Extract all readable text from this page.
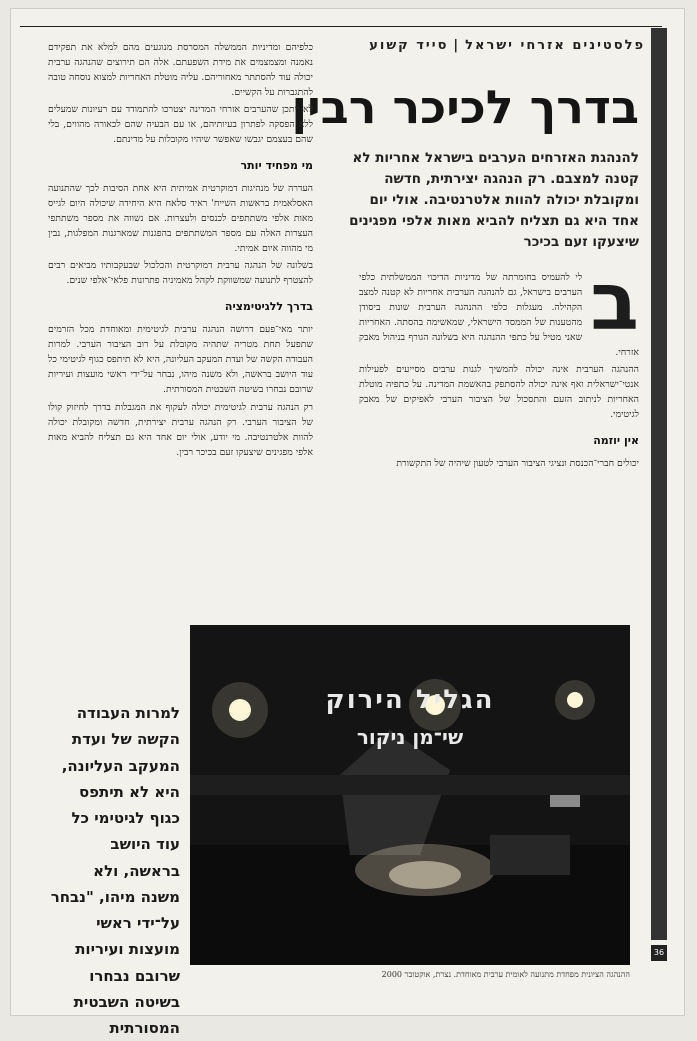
פלסטינים אזרחי ישראל|סייד קשוע
בדרך לכיכר רבין
להנהגת האזרחים הערבים בישראל אחריות לא קטנה למצבם. רק הנהגה יצירתית, חדשה ומקובלת יכולה להוות אלטרנטיבה. אולי יום אחד היא גם תצליח להביא מאות אלפי מפגינים שיצעקו זעם בכיכר
ב

לי להעמיס בחומרתה של מדיניות הדיכוי הממשלתית כלפי הערבים בישראל, גם להנהגה הערבית אחריות לא קטנה למצב הקהילה. מעגלות כלפי ההנהגה הערבית שונות ביסודן מהטענות של הממסד הישראלי, שמאשימה בהסתה. האחריות שאני מטיל על כתפי ההנהגה היא בשלונה הגורף בניהול מאבק אזרחי.

ההנהגה הערבית אינה יכולה להמשיך לגנות ערבים מסייעים לפעילות אנטי־ישראלית ואף אינה יכולה להסתפק בהאשמת המדינה. על כתפיה מוטלת האחריות לניתוב הזעם והתסכול של הציבור הערבי לאפיקים של מאבק לגיטימי.

אין יוזמה

יכולים חברי־הכנסת ונציגי הציבור הערבי לטעון שיהיה של התקשורת

כלפיהם ומדיניות הממשלה המסרסת מנוגעים מהם למלא את תפקידם נאמנה ומצמצמים את מידת השפעתם. אלה הם תירוצים שהנהגה ערבית יכולה עוד להסתתר מאחוריהם. עליה מוטלת האחריות למצוא נוסחה טובה להתגברות על הקשיים.

לא ייתכן שהערבים אזרחי המדינה יצטרכו להתמודד עם רעיונות שמעלים ללא הפסקה לפתרון בעיותיהם, או עם הבעיה שהם לכאורה מהווים, בלי שהם בעצמם יגבשו שאפשר שיהיו מקובלות על מדינתם.

מי מפחיד יותר

העדרה של מנהיגות דמוקרטית אמיתית היא אחת הסיבות לכך שהתנועה האסלאמית בראשות השייח' ראיד סלאח היא היחידה שיכולה היום לגייס מאות אלפי משתתפים לכנסים ולעצרות. אם נשווה את מספר משתתפי העצרות האלה עם מספר המשתתפים בהפגנות שמארגנות המפלגות, נבין מי מהווה איום אמיתי.

בשלונה של הנהגה ערבית דמוקרטית והכלכול שבעקבותיו מביאים רבים להצטרף לתנועה שמשווקת לקהל מאמיניה פתרונות פלאי־אלפי שנים.

בדרך ללגיטימציה

יותר מאי־פעם דרושה הנהגה ערבית לגיטימית ומאוחדת מכל הזרמים שתפעל תחת מטריה שתהיה מקובלת על רוב הציבור הערבי. למרות העבודה הקשה של ועדת המעקב העליונה, היא לא תיתפס כגוף לגיטימי כל עוד היושב בראשה, ולא משנה מיהו, נבחר על־ידי ראשי מועצות ועיריות שרובם נבחרו בשיטה השבטית המסורתית.

רק הנהגה ערבית לגיטימית יכולה לעקוף את המגבלות בדרך לחיזוק קולו של הציבור הערבי. רק הנהגה ערבית יצירתית, חדשה ומקובלת יכולה להוות אלטרנטיבה. מי יודע, אולי יום אחד היא גם תצליח להביא מאות אלפי מפגינים שיצעקו זעם בכיכר רבין.

הגליל הירוק
שי־מן ניקור
ההנהגה הציונית מפחדת מתנועה לאומית ערבית מאוחדת. נצרת, אוקטובר 2000
למרות העבודה הקשה של ועדת המעקב העליונה, היא לא תיתפס כגוף לגיטימי כל עוד היושב בראשה, ולא משנה מיהו, "נבחר על־ידי ראשי מועצות ועיריות שרובם נבחרו בשיטה השבטית המסורתית
36
